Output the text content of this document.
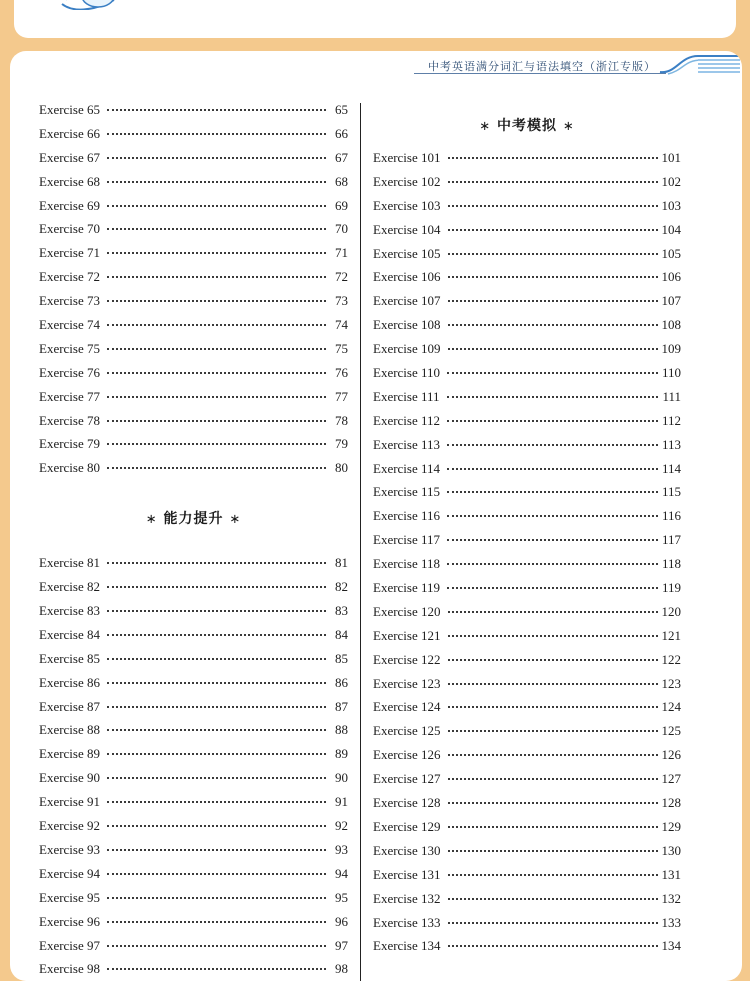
中考英语满分词汇与语法填空（浙江专版）
Exercise 65	65
Exercise 66	66
Exercise 67	67
Exercise 68	68
Exercise 69	69
Exercise 70	70
Exercise 71	71
Exercise 72	72
Exercise 73	73
Exercise 74	74
Exercise 75	75
Exercise 76	76
Exercise 77	77
Exercise 78	78
Exercise 79	79
Exercise 80	80
∗ 能力提升 ∗
Exercise 81	81
Exercise 82	82
Exercise 83	83
Exercise 84	84
Exercise 85	85
Exercise 86	86
Exercise 87	87
Exercise 88	88
Exercise 89	89
Exercise 90	90
Exercise 91	91
Exercise 92	92
Exercise 93	93
Exercise 94	94
Exercise 95	95
Exercise 96	96
Exercise 97	97
Exercise 98	98
∗ 中考模拟 ∗
Exercise 101	101
Exercise 102	102
Exercise 103	103
Exercise 104	104
Exercise 105	105
Exercise 106	106
Exercise 107	107
Exercise 108	108
Exercise 109	109
Exercise 110	110
Exercise 111	111
Exercise 112	112
Exercise 113	113
Exercise 114	114
Exercise 115	115
Exercise 116	116
Exercise 117	117
Exercise 118	118
Exercise 119	119
Exercise 120	120
Exercise 121	121
Exercise 122	122
Exercise 123	123
Exercise 124	124
Exercise 125	125
Exercise 126	126
Exercise 127	127
Exercise 128	128
Exercise 129	129
Exercise 130	130
Exercise 131	131
Exercise 132	132
Exercise 133	133
Exercise 134	134
